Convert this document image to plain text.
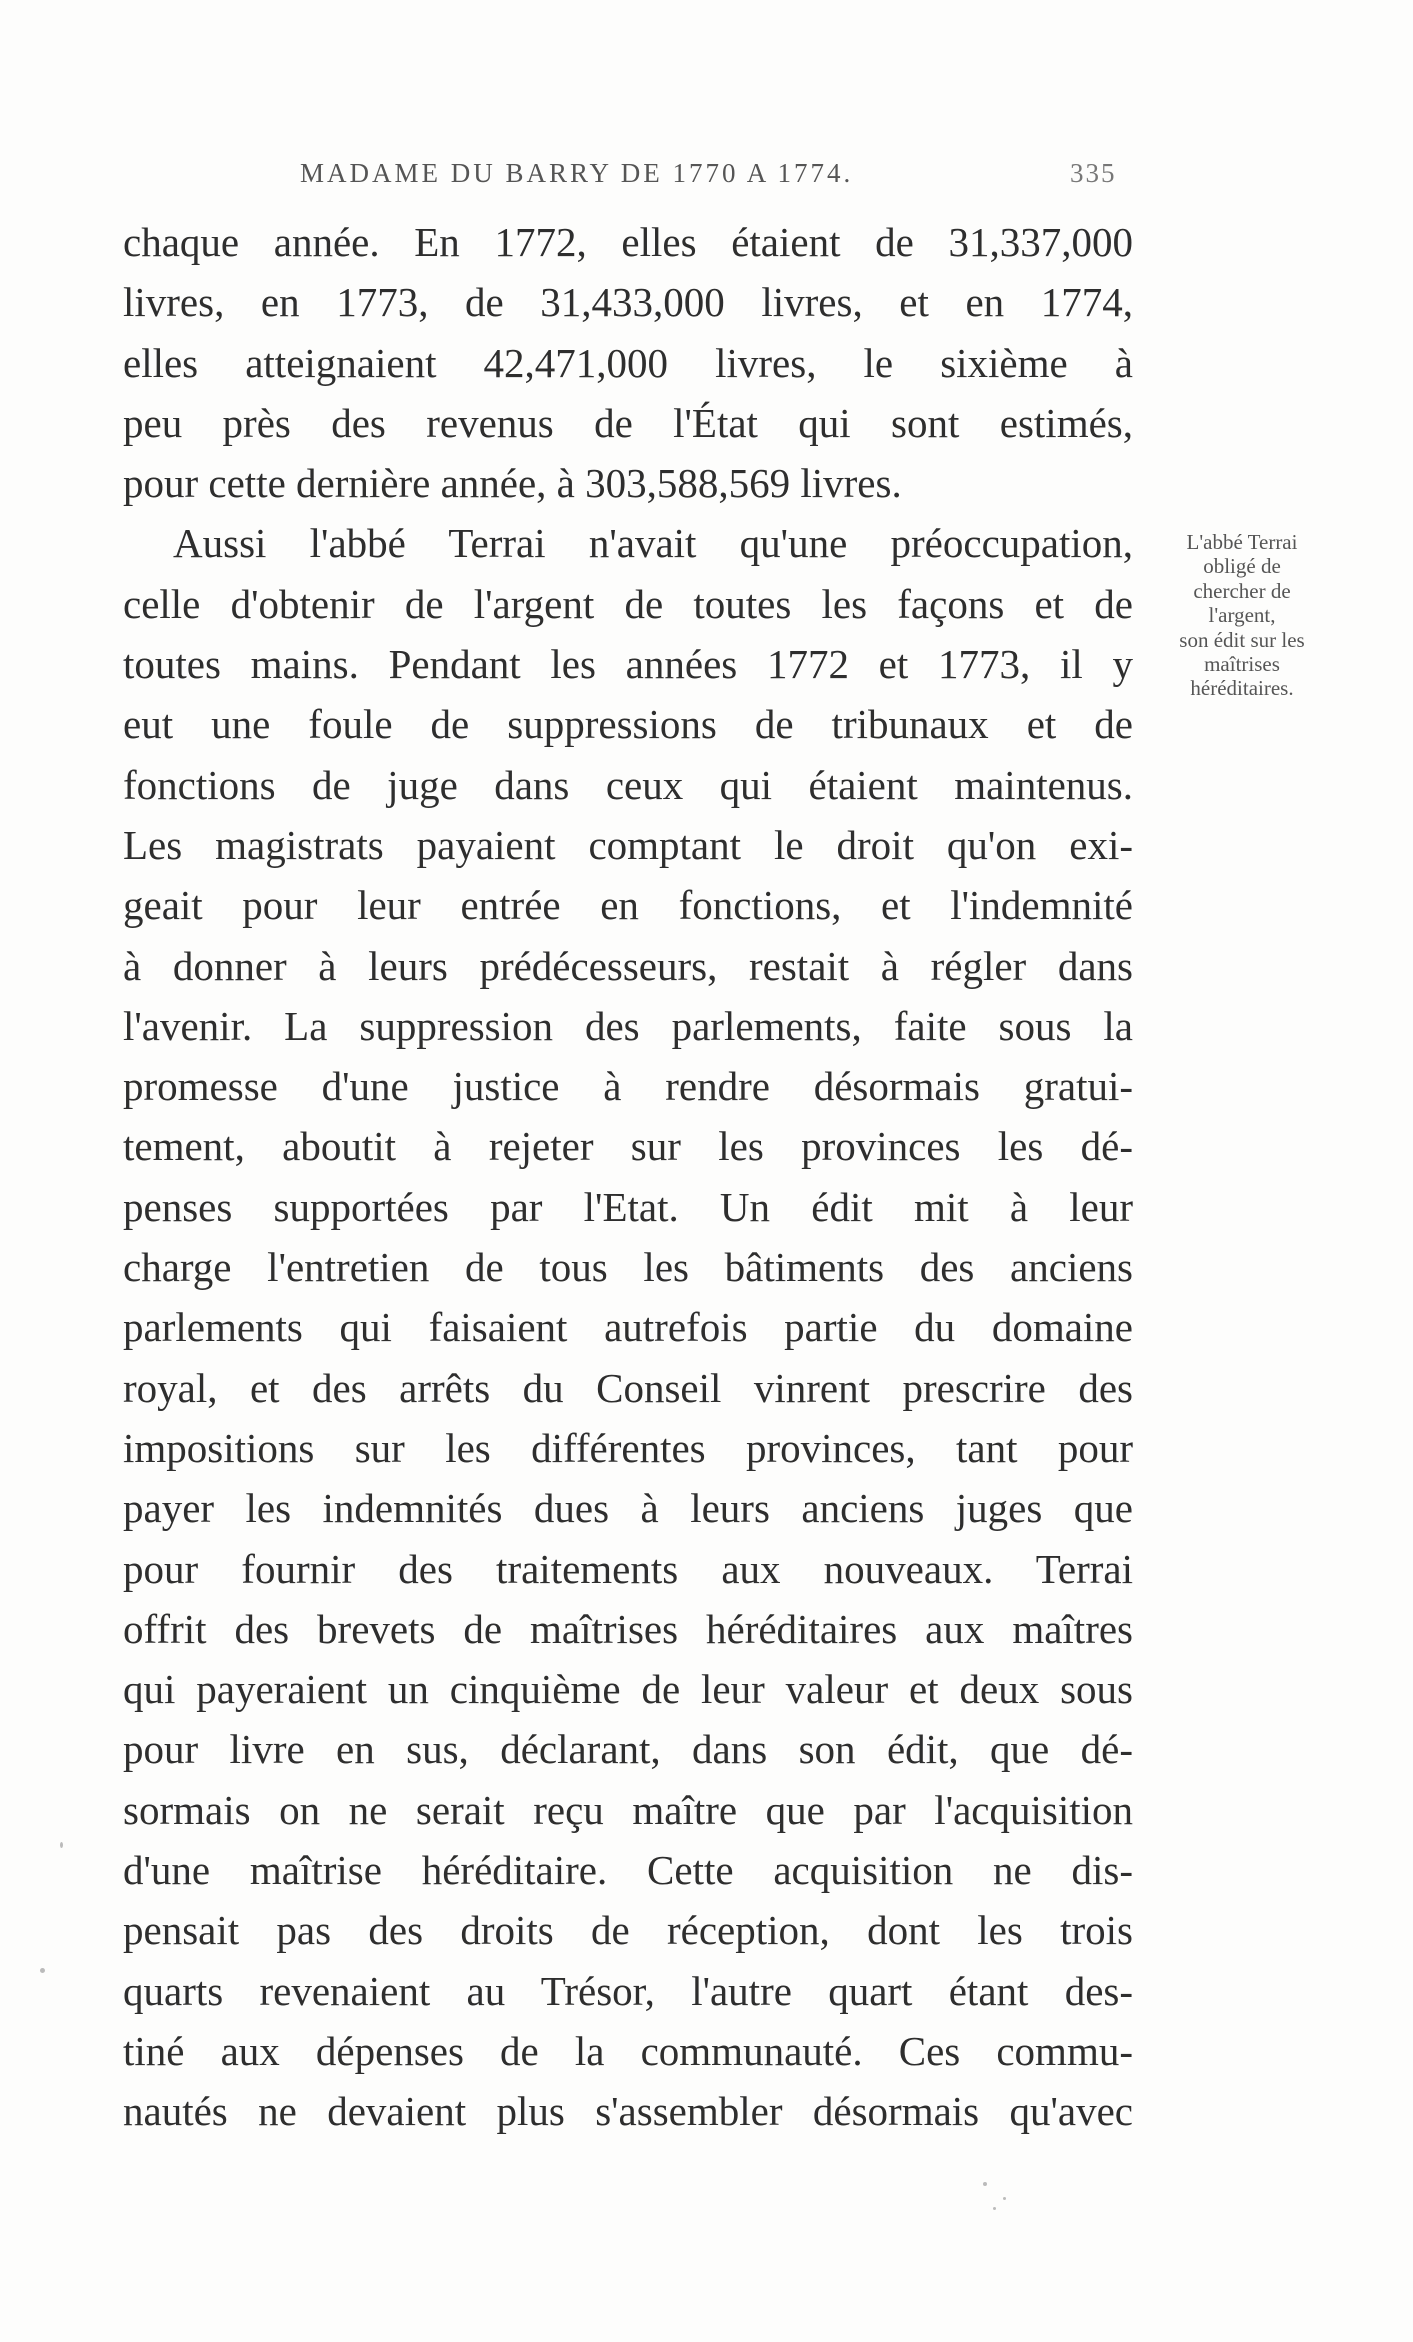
MADAME DU BARRY DE 1770 A 1774.	335
chaque année. En 1772, elles étaient de 31,337,000
livres, en 1773, de 31,433,000 livres, et en 1774,
elles atteignaient 42,471,000 livres, le sixième à
peu près des revenus de l'État qui sont estimés,
pour cette dernière année, à 303,588,569 livres.
Aussi l'abbé Terrai n'avait qu'une préoccupation,
celle d'obtenir de l'argent de toutes les façons et de
toutes mains. Pendant les années 1772 et 1773, il y
eut une foule de suppressions de tribunaux et de
fonctions de juge dans ceux qui étaient maintenus.
Les magistrats payaient comptant le droit qu'on exi-
geait pour leur entrée en fonctions, et l'indemnité
à donner à leurs prédécesseurs, restait à régler dans
l'avenir. La suppression des parlements, faite sous la
promesse d'une justice à rendre désormais gratui-
tement, aboutit à rejeter sur les provinces les dé-
penses supportées par l'Etat. Un édit mit à leur
charge l'entretien de tous les bâtiments des anciens
parlements qui faisaient autrefois partie du domaine
royal, et des arrêts du Conseil vinrent prescrire des
impositions sur les différentes provinces, tant pour
payer les indemnités dues à leurs anciens juges que
pour fournir des traitements aux nouveaux. Terrai
offrit des brevets de maîtrises héréditaires aux maîtres
qui payeraient un cinquième de leur valeur et deux sous
pour livre en sus, déclarant, dans son édit, que dé-
sormais on ne serait reçu maître que par l'acquisition
d'une maîtrise héréditaire. Cette acquisition ne dis-
pensait pas des droits de réception, dont les trois
quarts revenaient au Trésor, l'autre quart étant des-
tiné aux dépenses de la communauté. Ces commu-
nautés ne devaient plus s'assembler désormais qu'avec
L'abbé Terrai
obligé de
chercher de
l'argent,
son édit sur les
maîtrises
héréditaires.
